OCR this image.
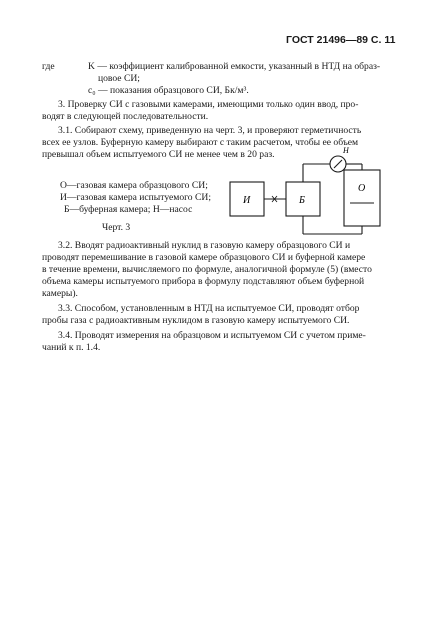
ГОСТ 21496—89 С. 11
где	K — коэффициент калиброванной емкости, указанный в НТД на образ-
цовое СИ;
c₀ — показания образцового СИ, Бк/м³.
3. Проверку СИ с газовыми камерами, имеющими только один ввод, про-
водят в следующей последовательности.
3.1. Собирают схему, приведенную на черт. 3, и проверяют герметичность
всех ее узлов. Буферную камеру выбирают с таким расчетом, чтобы ее объем
превышал объем испытуемого СИ не менее чем в 20 раз.
O—газовая камера образцового СИ;
И—газовая камера испытуемого СИ;
Б—буферная камера; Н—насос
Черт. 3
И	Б
O
Н
3.2. Вводят радиоактивный нуклид в газовую камеру образцового СИ и
проводят перемешивание в газовой камере образцового СИ и буферной камере
в течение времени, вычисляемого по формуле, аналогичной формуле (5) (вместо
объема камеры испытуемого прибора в формулу подставляют объем буферной
камеры).
3.3. Способом, установленным в НТД на испытуемое СИ, проводят отбор
пробы газа с радиоактивным нуклидом в газовую камеру испытуемого СИ.
3.4. Проводят измерения на образцовом и испытуемом СИ с учетом приме-
чаний к п. 1.4.
